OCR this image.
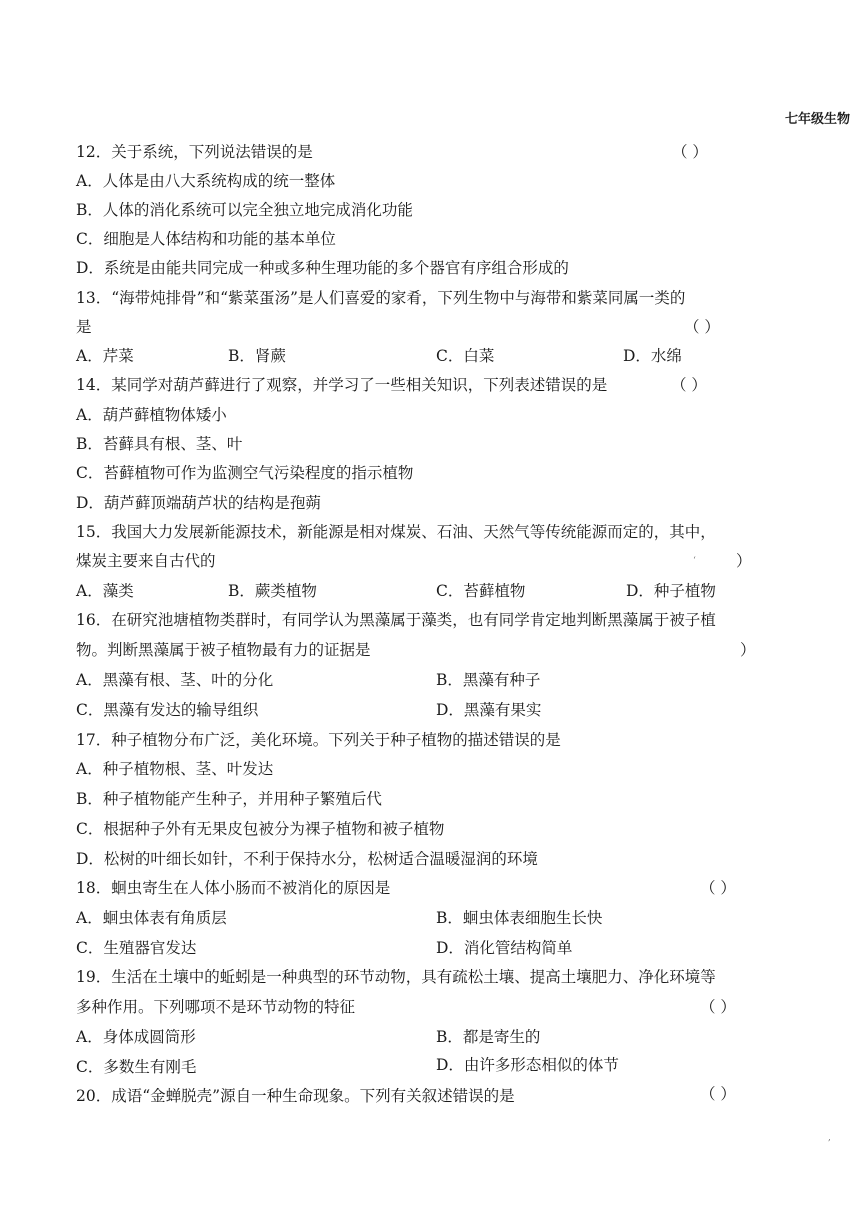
七年级生物
12．关于系统，下列说法错误的是	（ ）
A．人体是由八大系统构成的统一整体
B．人体的消化系统可以完全独立地完成消化功能
C．细胞是人体结构和功能的基本单位
D．系统是由能共同完成一种或多种生理功能的多个器官有序组合形成的
13．“海带炖排骨”和“紫菜蛋汤”是人们喜爱的家肴，下列生物中与海带和紫菜同属一类的
是	（ ）
A．芹菜	B．肾蕨	C．白菜	D．水绵
14．某同学对葫芦藓进行了观察，并学习了一些相关知识，下列表述错误的是	（ ）
A．葫芦藓植物体矮小
B．苔藓具有根、茎、叶
C．苔藓植物可作为监测空气污染程度的指示植物
D．葫芦藓顶端葫芦状的结构是孢蒴
15．我国大力发展新能源技术，新能源是相对煤炭、石油、天然气等传统能源而定的，其中，
煤炭主要来自古代的	ʻ	）
A．藻类	B．蕨类植物	C．苔藓植物	D．种子植物
16．在研究池塘植物类群时，有同学认为黑藻属于藻类，也有同学肯定地判断黑藻属于被子植
物。判断黑藻属于被子植物最有力的证据是	）
A．黑藻有根、茎、叶的分化	B．黑藻有种子
C．黑藻有发达的输导组织	D．黑藻有果实
17．种子植物分布广泛，美化环境。下列关于种子植物的描述错误的是
A．种子植物根、茎、叶发达
B．种子植物能产生种子，并用种子繁殖后代
C．根据种子外有无果皮包被分为裸子植物和被子植物
D．松树的叶细长如针，不利于保持水分，松树适合温暖湿润的环境
18．蛔虫寄生在人体小肠而不被消化的原因是	（ ）
A．蛔虫体表有角质层	B．蛔虫体表细胞生长快
C．生殖器官发达	D．消化管结构简单
19．生活在土壤中的蚯蚓是一种典型的环节动物，具有疏松土壤、提高土壤肥力、净化环境等
多种作用。下列哪项不是环节动物的特征	（ ）
A．身体成圆筒形	B．都是寄生的
C．多数生有刚毛	D．由许多形态相似的体节
20．成语“金蝉脱壳”源自一种生命现象。下列有关叙述错误的是	（ ）
,
